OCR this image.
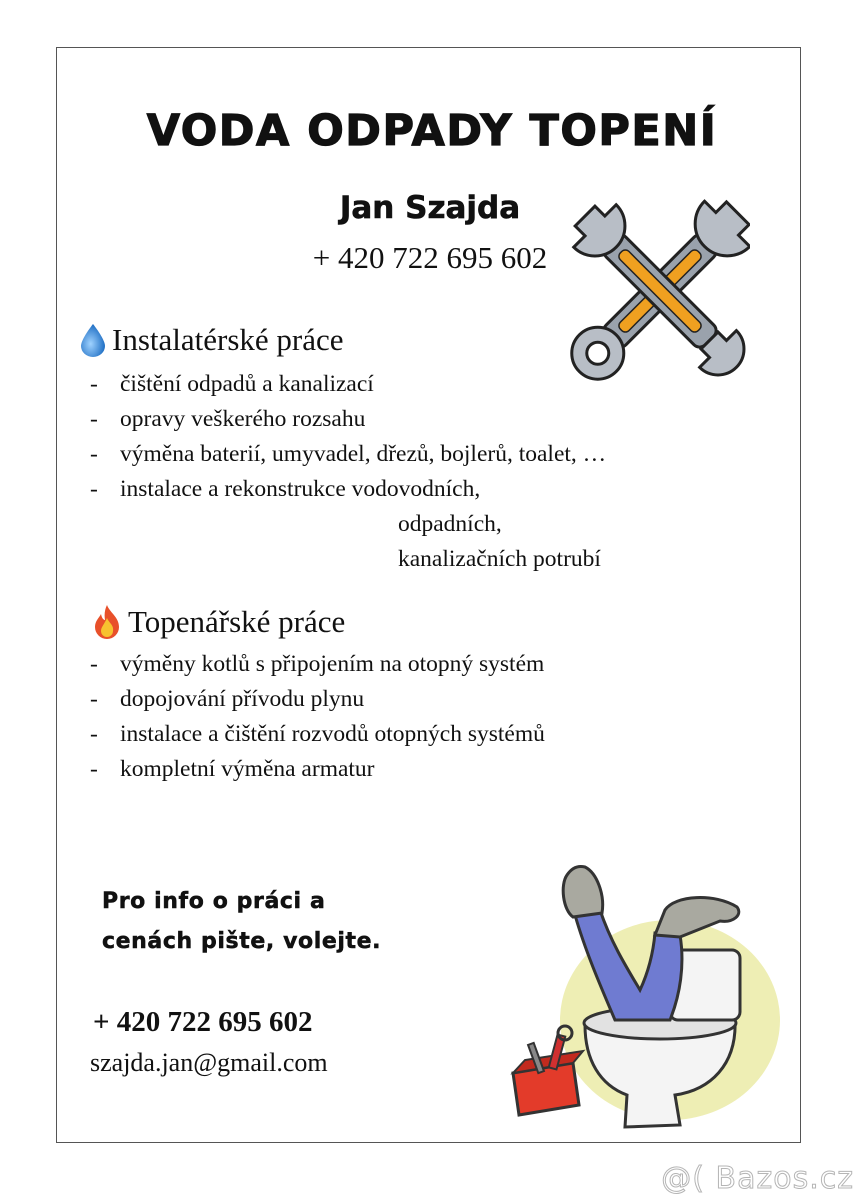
VODA ODPADY TOPENÍ
Jan Szajda
+ 420 722 695 602
Instalatérské práce
- čištění odpadů a kanalizací
- opravy veškerého rozsahu
- výměna baterií, umyvadel, dřezů, bojlerů, toalet, …
- instalace a rekonstrukce vodovodních,
odpadních,
kanalizačních potrubí
Topenářské práce
- výměny kotlů s připojením na otopný systém
- dopojování přívodu plynu
- instalace a čištění rozvodů otopných systémů
- kompletní výměna armatur
Pro info o práci a
cenách pište, volejte.
+ 420 722 695 602
szajda.jan@gmail.com
@( Bazos.cz
